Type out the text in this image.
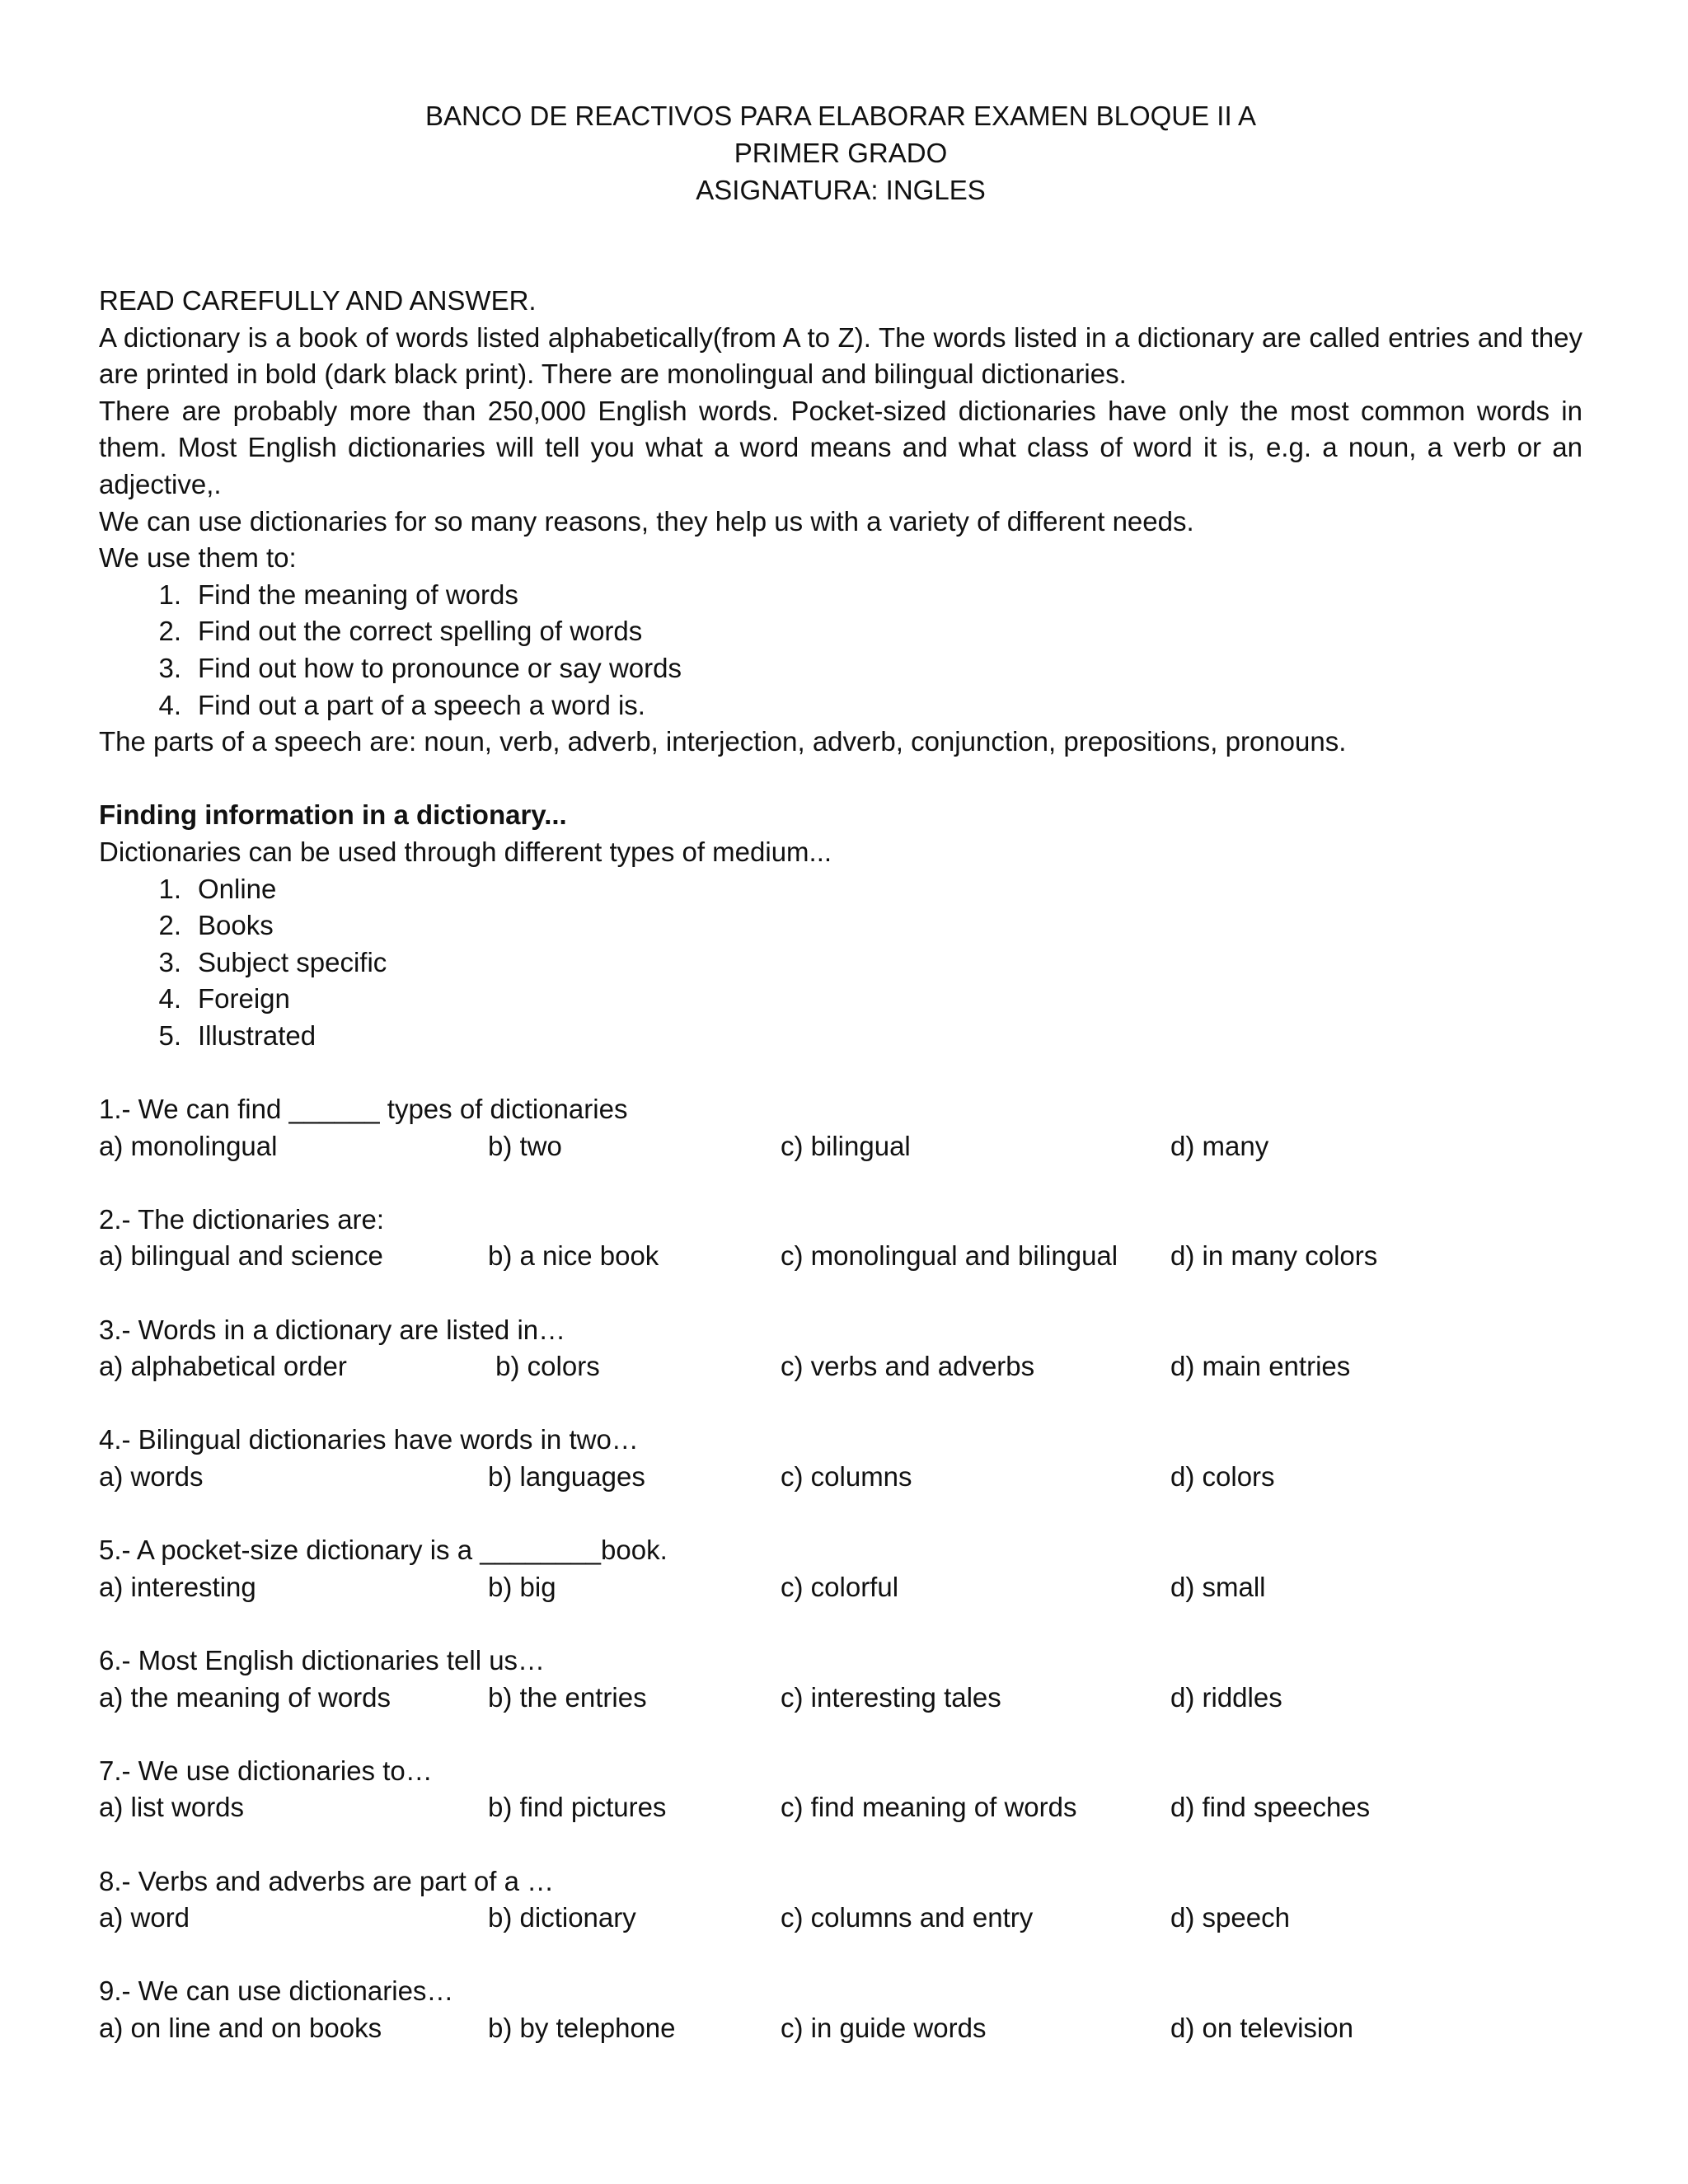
BANCO DE REACTIVOS PARA ELABORAR EXAMEN BLOQUE II A
PRIMER GRADO
ASIGNATURA: INGLES

READ CAREFULLY AND ANSWER.

A dictionary is a book of words listed alphabetically(from A to Z). The words listed in a dictionary are called entries and they are printed in bold (dark black print). There are monolingual and bilingual dictionaries.

There are probably more than 250,000 English words. Pocket-sized dictionaries have only the most common words in them. Most English dictionaries will tell you what a word means and what class of word it is, e.g. a noun, a verb or an adjective,.

We can use dictionaries for so many reasons, they help us with a variety of different needs.

We use them to:

1. Find the meaning of words
2. Find out the correct spelling of words
3. Find out how to pronounce or say words
4. Find out a part of a speech a word is.

The parts of a speech are: noun, verb, adverb, interjection, adverb, conjunction, prepositions, pronouns.

Finding information in a dictionary...

Dictionaries can be used through different types of medium...

1. Online
2. Books
3. Subject specific
4. Foreign
5. Illustrated
1.- We can find ______ types of dictionaries
a) monolingual	b) two	c) bilingual	d) many
2.- The dictionaries are:
a) bilingual and science	b) a nice book	c) monolingual and bilingual	d) in many colors
3.- Words in a dictionary are listed in…
a) alphabetical order	b) colors	c) verbs and adverbs	d) main entries
4.- Bilingual dictionaries have words in two…
a) words	b) languages	c) columns	d) colors
5.- A pocket-size dictionary is a ________book.
a) interesting	b) big	c) colorful	d) small
6.- Most English dictionaries tell us…
a) the meaning of words	b) the entries	c) interesting tales	d) riddles
7.- We use dictionaries to…
a) list words	b) find pictures	c) find meaning of words	d) find speeches
8.- Verbs and adverbs are part of a …
a) word	b) dictionary	c) columns and entry	d) speech
9.- We can use dictionaries…
a) on line and on books	b) by telephone	c) in guide words	d) on television
